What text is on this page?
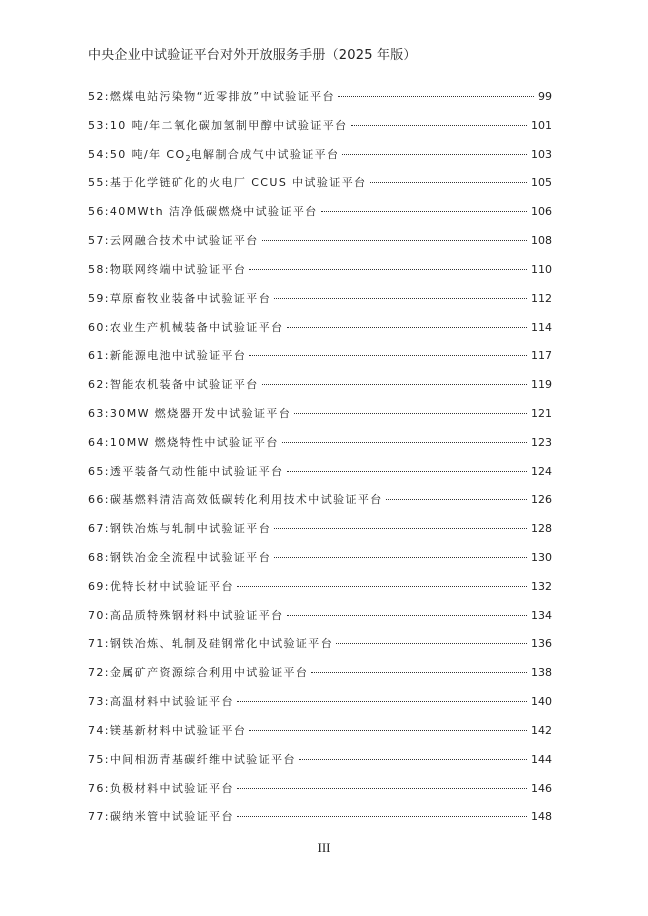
中央企业中试验证平台对外开放服务手册（2025 年版）
52: 燃煤电站污染物“近零排放”中试验证平台	99
53: 10 吨/年二氧化碳加氢制甲醇中试验证平台	101
54: 50 吨/年 $CO_2$电解制合成气中试验证平台	103
55: 基于化学链矿化的火电厂 CCUS 中试验证平台	105
56: 40MWth 洁净低碳燃烧中试验证平台	106
57: 云网融合技术中试验证平台	108
58: 物联网终端中试验证平台	110
59: 草原畜牧业装备中试验证平台	112
60: 农业生产机械装备中试验证平台	114
61: 新能源电池中试验证平台	117
62: 智能农机装备中试验证平台	119
63: 30MW 燃烧器开发中试验证平台	121
64: 10MW 燃烧特性中试验证平台	123
65: 透平装备气动性能中试验证平台	124
66: 碳基燃料清洁高效低碳转化利用技术中试验证平台	126
67: 钢铁冶炼与轧制中试验证平台	128
68: 钢铁冶金全流程中试验证平台	130
69: 优特长材中试验证平台	132
70: 高品质特殊钢材料中试验证平台	134
71: 钢铁冶炼、轧制及硅钢常化中试验证平台	136
72: 金属矿产资源综合利用中试验证平台	138
73: 高温材料中试验证平台	140
74: 镁基新材料中试验证平台	142
75: 中间相沥青基碳纤维中试验证平台	144
76: 负极材料中试验证平台	146
77: 碳纳米管中试验证平台	148
III
